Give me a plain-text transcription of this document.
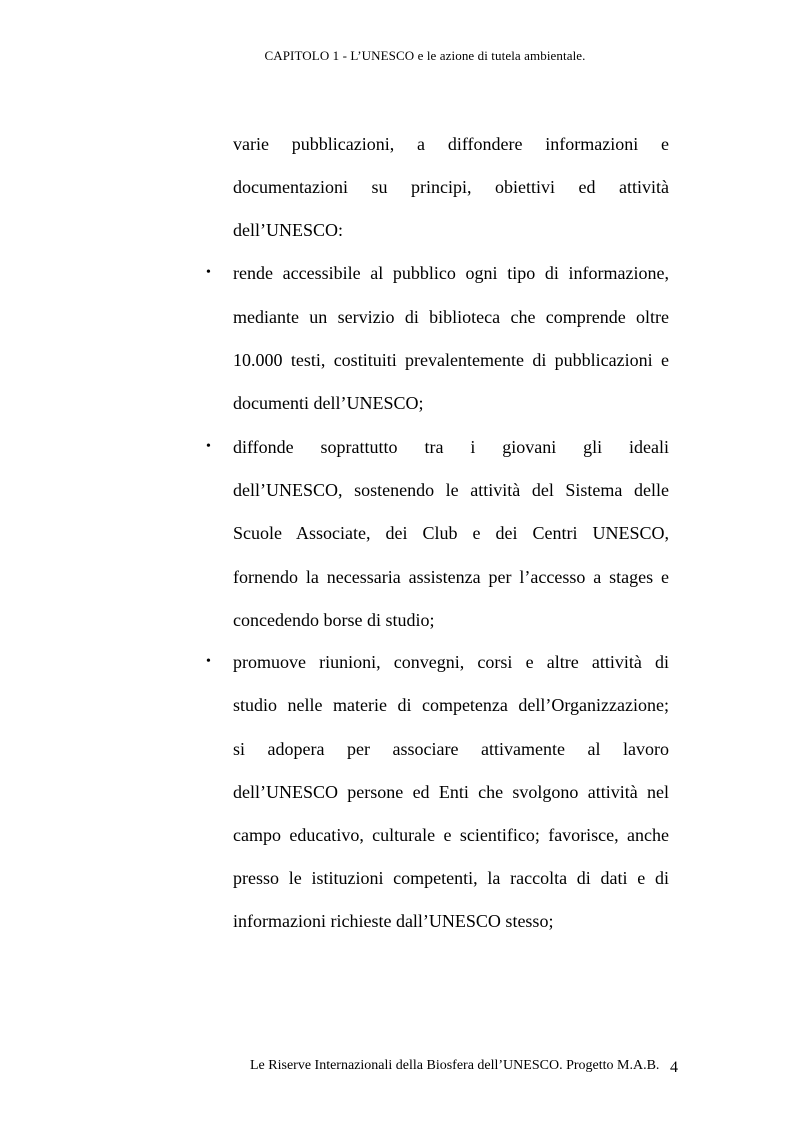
CAPITOLO 1 - L’UNESCO e le azione di tutela ambientale.
varie pubblicazioni, a diffondere informazioni e
documentazioni su principi, obiettivi ed attività
dell’UNESCO:
• rende accessibile al pubblico ogni tipo di informazione,
mediante un servizio di biblioteca che comprende oltre
10.000 testi, costituiti prevalentemente di pubblicazioni e
documenti dell’UNESCO;
• diffonde soprattutto tra i giovani gli ideali
dell’UNESCO, sostenendo le attività del Sistema delle
Scuole Associate, dei Club e dei Centri UNESCO,
fornendo la necessaria assistenza per l’accesso a stages e
concedendo borse di studio;
• promuove riunioni, convegni, corsi e altre attività di
studio nelle materie di competenza dell’Organizzazione;
si adopera per associare attivamente al lavoro
dell’UNESCO persone ed Enti che svolgono attività nel
campo educativo, culturale e scientifico; favorisce, anche
presso le istituzioni competenti, la raccolta di dati e di
informazioni richieste dall’UNESCO stesso;
Le Riserve Internazionali della Biosfera dell’UNESCO. Progetto M.A.B. 4
